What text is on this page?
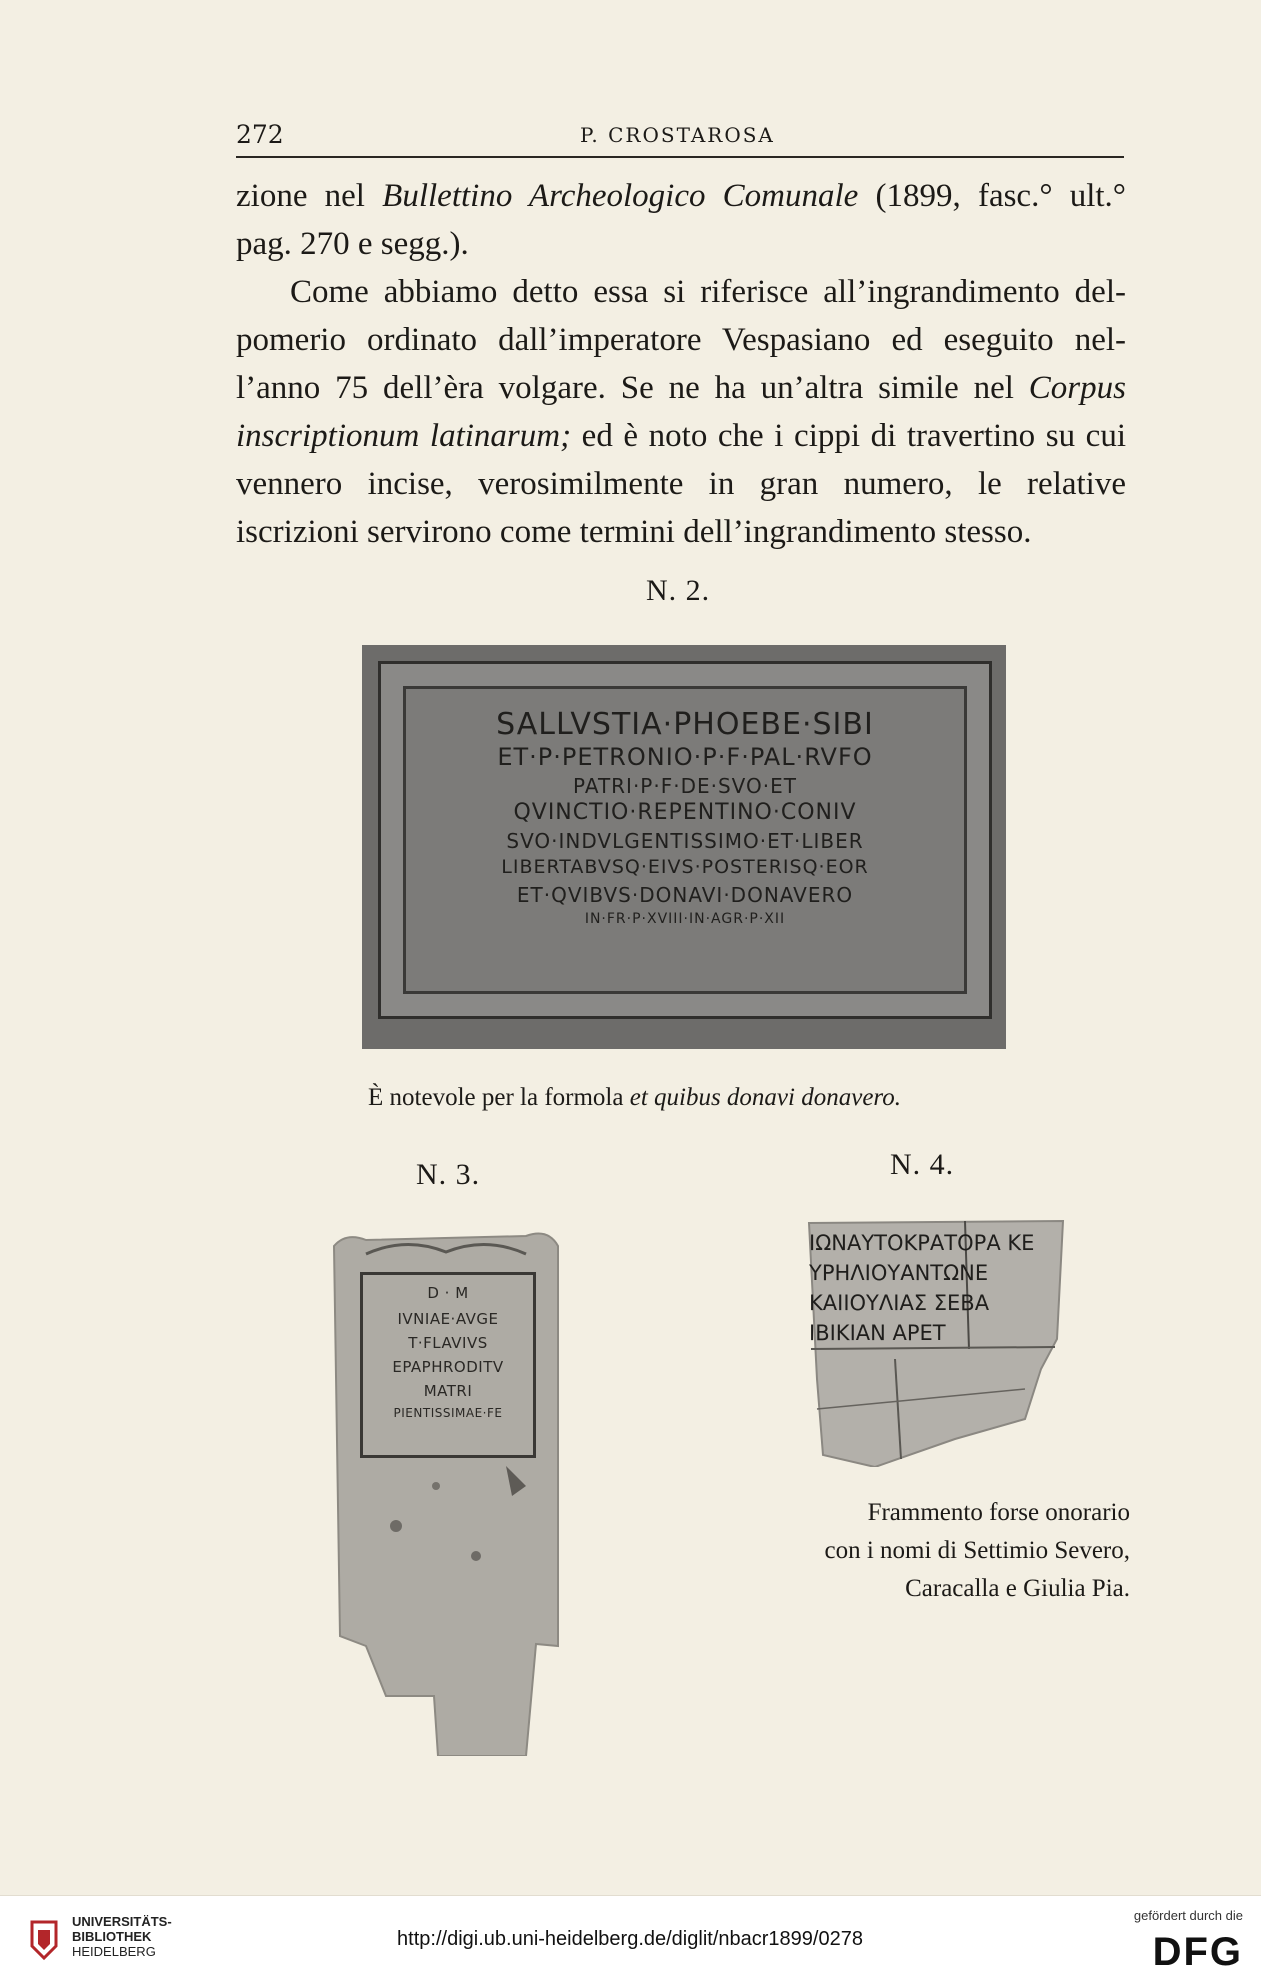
272	P. CROSTAROSA

zione nel Bullettino Archeologico Comunale (1899, fasc.° ult.° pag. 270 e segg.).

Come abbiamo detto essa si riferisce all’ingrandimento del-pomerio ordinato dall’imperatore Vespasiano ed eseguito nel-l’anno 75 dell’èra volgare. Se ne ha un’altra simile nel Corpus inscriptionum latinarum; ed è noto che i cippi di travertino su cui vennero incise, verosimilmente in gran numero, le relative iscrizioni servirono come termini dell’ingrandimento stesso.

N. 2.
SALLVSTIA·PHOEBE·SIBI
ET·P·PETRONIO·P·F·PAL·RVFO
PATRI·P·F·DE·SVO·ET
QVINCTIO·REPENTINO·CONIV
SVO·INDVLGENTISSIMO·ET·LIBER
LIBERTABVSQ·EIVS·POSTERISQ·EOR
ET·QVIBVS·DONAVI·DONAVERO
IN·FR·P·XVIII·IN·AGR·P·XII
È notevole per la formola et quibus donavi donavero.
N. 3.
D · M
IVNIAE·AVGE
T·FLAVIVS
EPAPHRODITV
MATRI
PIENTISSIMAE·FE
N. 4.
ΙΩΝΑΥΤΟΚΡΑΤΟΡΑ ΚΕ
ΥΡΗΛΙΟΥΑΝΤΩΝΕ
ΚΑΙΙΟΥΛΙΑΣ ΣΕΒΑ
ΙΒΙΚΙΑΝ ΑΡΕΤ
Frammento forse onorario
con i nomi di Settimio Severo,
Caracalla e Giulia Pia.
UNIVERSITÄTS-
BIBLIOTHEK
HEIDELBERG
http://digi.ub.uni-heidelberg.de/diglit/nbacr1899/0278
gefördert durch die
DFG
